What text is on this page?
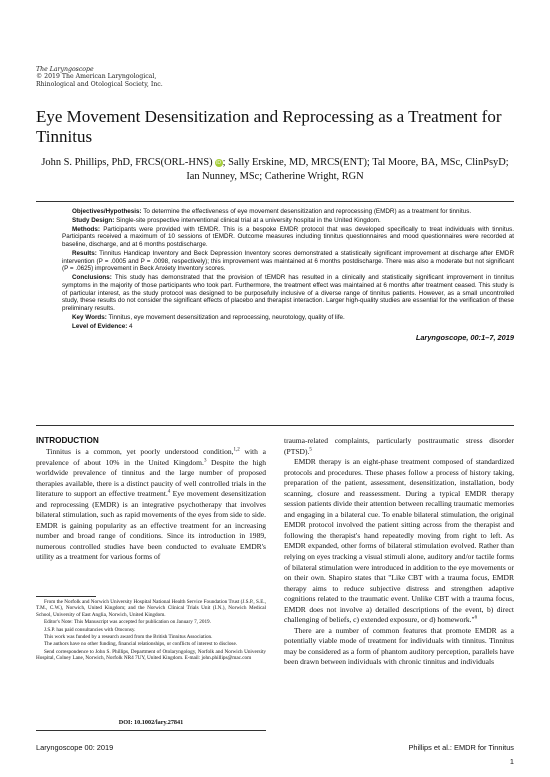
The Laryngoscope
© 2019 The American Laryngological,
Rhinological and Otological Society, Inc.
Eye Movement Desensitization and Reprocessing as a Treatment for Tinnitus
John S. Phillips, PhD, FRCS(ORL-HNS) iD ; Sally Erskine, MD, MRCS(ENT); Tal Moore, BA, MSc, ClinPsyD;
Ian Nunney, MSc; Catherine Wright, RGN

Objectives/Hypothesis: To determine the effectiveness of eye movement desensitization and reprocessing (EMDR) as a treatment for tinnitus.

Study Design: Single-site prospective interventional clinical trial at a university hospital in the United Kingdom.

Methods: Participants were provided with tEMDR. This is a bespoke EMDR protocol that was developed specifically to treat individuals with tinnitus. Participants received a maximum of 10 sessions of tEMDR. Outcome measures including tinnitus questionnaires and mood questionnaires were recorded at baseline, discharge, and at 6 months postdischarge.

Results: Tinnitus Handicap Inventory and Beck Depression Inventory scores demonstrated a statistically significant improvement at discharge after EMDR intervention (P = .0005 and P = .0098, respectively); this improvement was maintained at 6 months postdischarge. There was also a moderate but not significant (P = .0625) improvement in Beck Anxiety Inventory scores.

Conclusions: This study has demonstrated that the provision of tEMDR has resulted in a clinically and statistically significant improvement in tinnitus symptoms in the majority of those participants who took part. Furthermore, the treatment effect was maintained at 6 months after treatment ceased. This study is of particular interest, as the study protocol was designed to be purposefully inclusive of a diverse range of tinnitus patients. However, as a small uncontrolled study, these results do not consider the significant effects of placebo and therapist interaction. Larger high-quality studies are essential for the verification of these preliminary results.

Key Words: Tinnitus, eye movement desensitization and reprocessing, neurotology, quality of life.

Level of Evidence: 4

Laryngoscope, 00:1–7, 2019
INTRODUCTION

Tinnitus is a common, yet poorly understood condition,$^{1,2}$ with a prevalence of about 10% in the United Kingdom.$^3$ Despite the high worldwide prevalence of tinnitus and the large number of proposed therapies available, there is a distinct paucity of well controlled trials in the literature to support an effective treatment.$^4$ Eye movement desensitization and reprocessing (EMDR) is an integrative psychotherapy that involves bilateral stimulation, such as rapid movements of the eyes from side to side. EMDR is gaining popularity as an effective treatment for an increasing number and broad range of conditions. Since its introduction in 1989, numerous controlled studies have been conducted to evaluate EMDR's utility as a treatment for various forms of

trauma-related complaints, particularly posttraumatic stress disorder (PTSD).$^5$

EMDR therapy is an eight-phase treatment composed of standardized protocols and procedures. These phases follow a process of history taking, preparation of the patient, assessment, desensitization, installation, body scanning, closure and reassessment. During a typical EMDR therapy session patients divide their attention between recalling traumatic memories and engaging in a bilateral cue. To enable bilateral stimulation, the original EMDR protocol involved the patient sitting across from the therapist and following the therapist's hand repeatedly moving from right to left. As EMDR expanded, other forms of bilateral stimulation evolved. Rather than relying on eyes tracking a visual stimuli alone, auditory and/or tactile forms of bilateral stimulation were introduced in addition to the eye movements or on their own. Shapiro states that "Like CBT with a trauma focus, EMDR therapy aims to reduce subjective distress and strengthen adaptive cognitions related to the traumatic event. Unlike CBT with a trauma focus, EMDR does not involve a) detailed descriptions of the event, b) direct challenging of beliefs, c) extended exposure, or d) homework."$^6$

There are a number of common features that promote EMDR as a potentially viable mode of treatment for individuals with tinnitus. Tinnitus may be considered as a form of phantom auditory perception, parallels have been drawn between individuals with chronic tinnitus and individuals

From the Norfolk and Norwich University Hospital National Health Service Foundation Trust (J.S.P., S.E., T.M., C.W.), Norwich, United Kingdom; and the Norwich Clinical Trials Unit (I.N.), Norwich Medical School, University of East Anglia, Norwich, United Kingdom.

Editor's Note: This Manuscript was accepted for publication on January 7, 2019.

J.S.P. has paid consultancies with Otoconsy.

This work was funded by a research award from the British Tinnitus Association.

The authors have no other funding, financial relationships, or conflicts of interest to disclose.

Send correspondence to John S. Phillips, Department of Otolaryngology, Norfolk and Norwich University Hospital, Colney Lane, Norwich, Norfolk NR4 7UY, United Kingdom. E-mail: john.phillips@mac.com

DOI: 10.1002/lary.27841
Laryngoscope 00: 2019	Phillips et al.: EMDR for Tinnitus
1
